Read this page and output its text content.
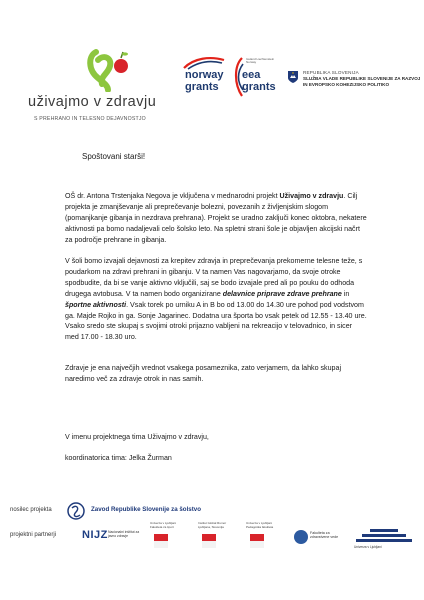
uživajmo v zdravju
S PREHRANO IN TELESNO DEJAVNOSTJO
norway
grants
Iceland Liechtenstein Norway
eea
grants
REPUBLIKA SLOVENIJA
SLUŽBA VLADE REPUBLIKE SLOVENIJE ZA RAZVOJ
IN EVROPSKO KOHEZIJSKO POLITIKO
Spoštovani starši!
OŠ dr. Antona Trstenjaka Negova je vključena v mednarodni projekt Uživajmo v zdravju. Cilj projekta je zmanjševanje ali preprečevanje bolezni, povezanih z življenjskim slogom (pomanjkanje gibanja in nezdrava prehrana). Projekt se uradno zaključi konec oktobra, nekatere aktivnosti pa bomo nadaljevali celo šolsko leto. Na spletni strani šole je objavljen akcijski načrt za področje prehrane in gibanja.
V šoli bomo izvajali dejavnosti za krepitev zdravja in preprečevanja prekomerne telesne teže, s poudarkom na zdravi prehrani in gibanju. V ta namen Vas nagovarjamo, da svoje otroke spodbudite, da bi se vanje aktivno vključili, saj se bodo izvajale pred ali po pouku do odhoda drugega avtobusa. V ta namen bodo organizirane delavnice priprave zdrave prehrane in športne aktivnosti. Vsak torek po urniku A in B bo od 13.00 do 14.30 ure pohod pod vodstvom ga. Majde Rojko in ga. Sonje Jagarinec. Dodatna ura športa bo vsak petek od 12.55 - 13.40 ure. Vsako sredo ste skupaj s svojimi otroki prijazno vabljeni na rekreacijo v telovadnico, in sicer med 17.00 - 18.30 uro.
Zdravje je ena največjih vrednot vsakega posameznika, zato verjamem, da lahko skupaj naredimo več za zdravje otrok in nas samih.
V imenu projektnega tima Uživajmo v zdravju,
koordinatorica tima: Jelka Žurman
nosilec projekta	Zavod Republike Slovenije za šolstvo
projektni partnerji NIJZ Nacionalni inštitut za javno zdravje
Univerza v Ljubljani Fakulteta za šport
Institut Global Rumor Ljubljana, Slovenija
Univerza v Ljubljani Pedagoška fakulteta
Fakulteta za zdravstvene vede
Univerza v Ljubljani
